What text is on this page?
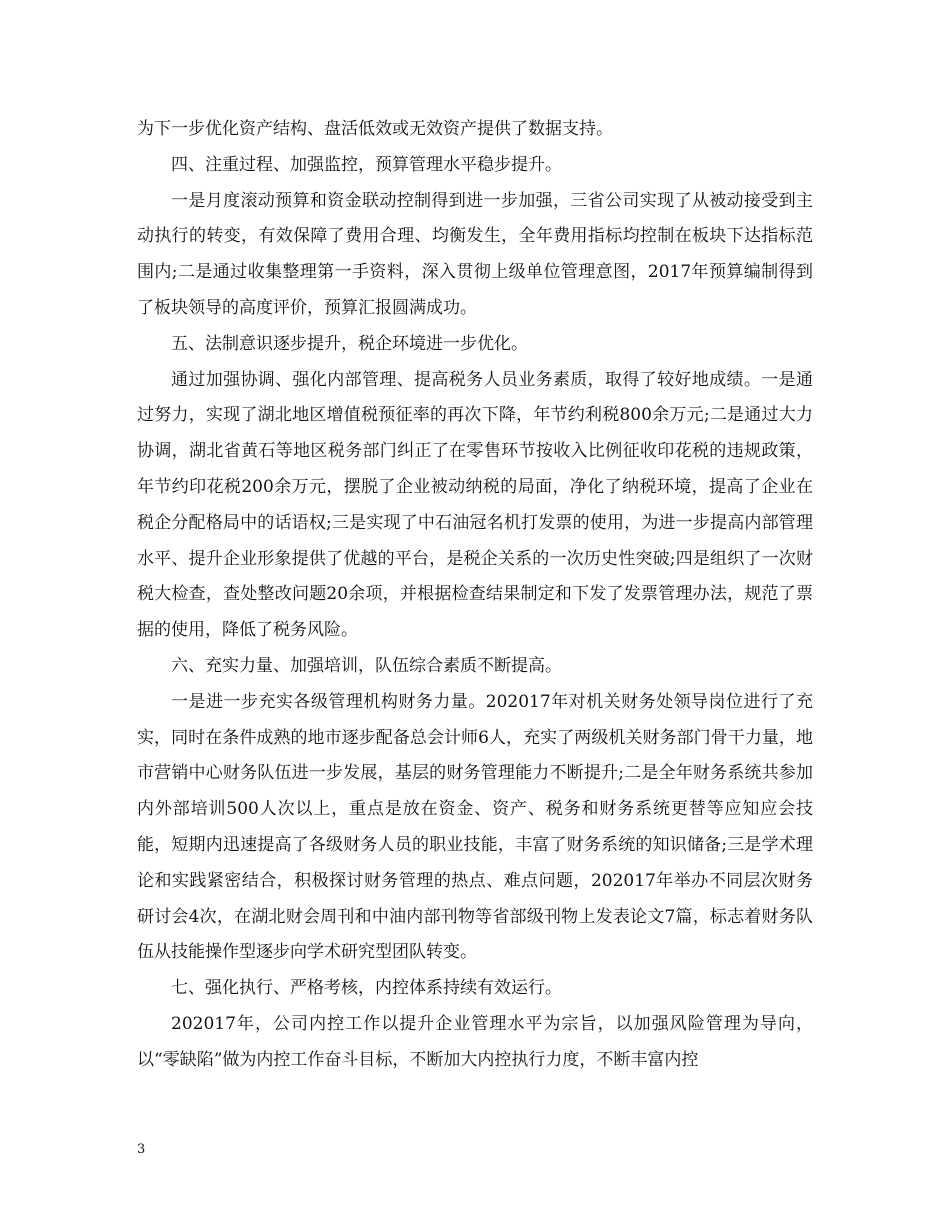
为下一步优化资产结构、盘活低效或无效资产提供了数据支持。

四、注重过程、加强监控，预算管理水平稳步提升。

一是月度滚动预算和资金联动控制得到进一步加强，三省公司实现了从被动接受到主动执行的转变，有效保障了费用合理、均衡发生，全年费用指标均控制在板块下达指标范围内;二是通过收集整理第一手资料，深入贯彻上级单位管理意图，2017年预算编制得到了板块领导的高度评价，预算汇报圆满成功。

五、法制意识逐步提升，税企环境进一步优化。

通过加强协调、强化内部管理、提高税务人员业务素质，取得了较好地成绩。一是通过努力，实现了湖北地区增值税预征率的再次下降，年节约利税800余万元;二是通过大力协调，湖北省黄石等地区税务部门纠正了在零售环节按收入比例征收印花税的违规政策，年节约印花税200余万元，摆脱了企业被动纳税的局面，净化了纳税环境，提高了企业在税企分配格局中的话语权;三是实现了中石油冠名机打发票的使用，为进一步提高内部管理水平、提升企业形象提供了优越的平台，是税企关系的一次历史性突破;四是组织了一次财税大检查，查处整改问题20余项，并根据检查结果制定和下发了发票管理办法，规范了票据的使用，降低了税务风险。

六、充实力量、加强培训，队伍综合素质不断提高。

一是进一步充实各级管理机构财务力量。202017年对机关财务处领导岗位进行了充实，同时在条件成熟的地市逐步配备总会计师6人，充实了两级机关财务部门骨干力量，地市营销中心财务队伍进一步发展，基层的财务管理能力不断提升;二是全年财务系统共参加内外部培训500人次以上，重点是放在资金、资产、税务和财务系统更替等应知应会技能，短期内迅速提高了各级财务人员的职业技能，丰富了财务系统的知识储备;三是学术理论和实践紧密结合，积极探讨财务管理的热点、难点问题，202017年举办不同层次财务研讨会4次，在湖北财会周刊和中油内部刊物等省部级刊物上发表论文7篇，标志着财务队伍从技能操作型逐步向学术研究型团队转变。

七、强化执行、严格考核，内控体系持续有效运行。

202017年，公司内控工作以提升企业管理水平为宗旨，以加强风险管理为导向，以“零缺陷”做为内控工作奋斗目标，不断加大内控执行力度，不断丰富内控

3
